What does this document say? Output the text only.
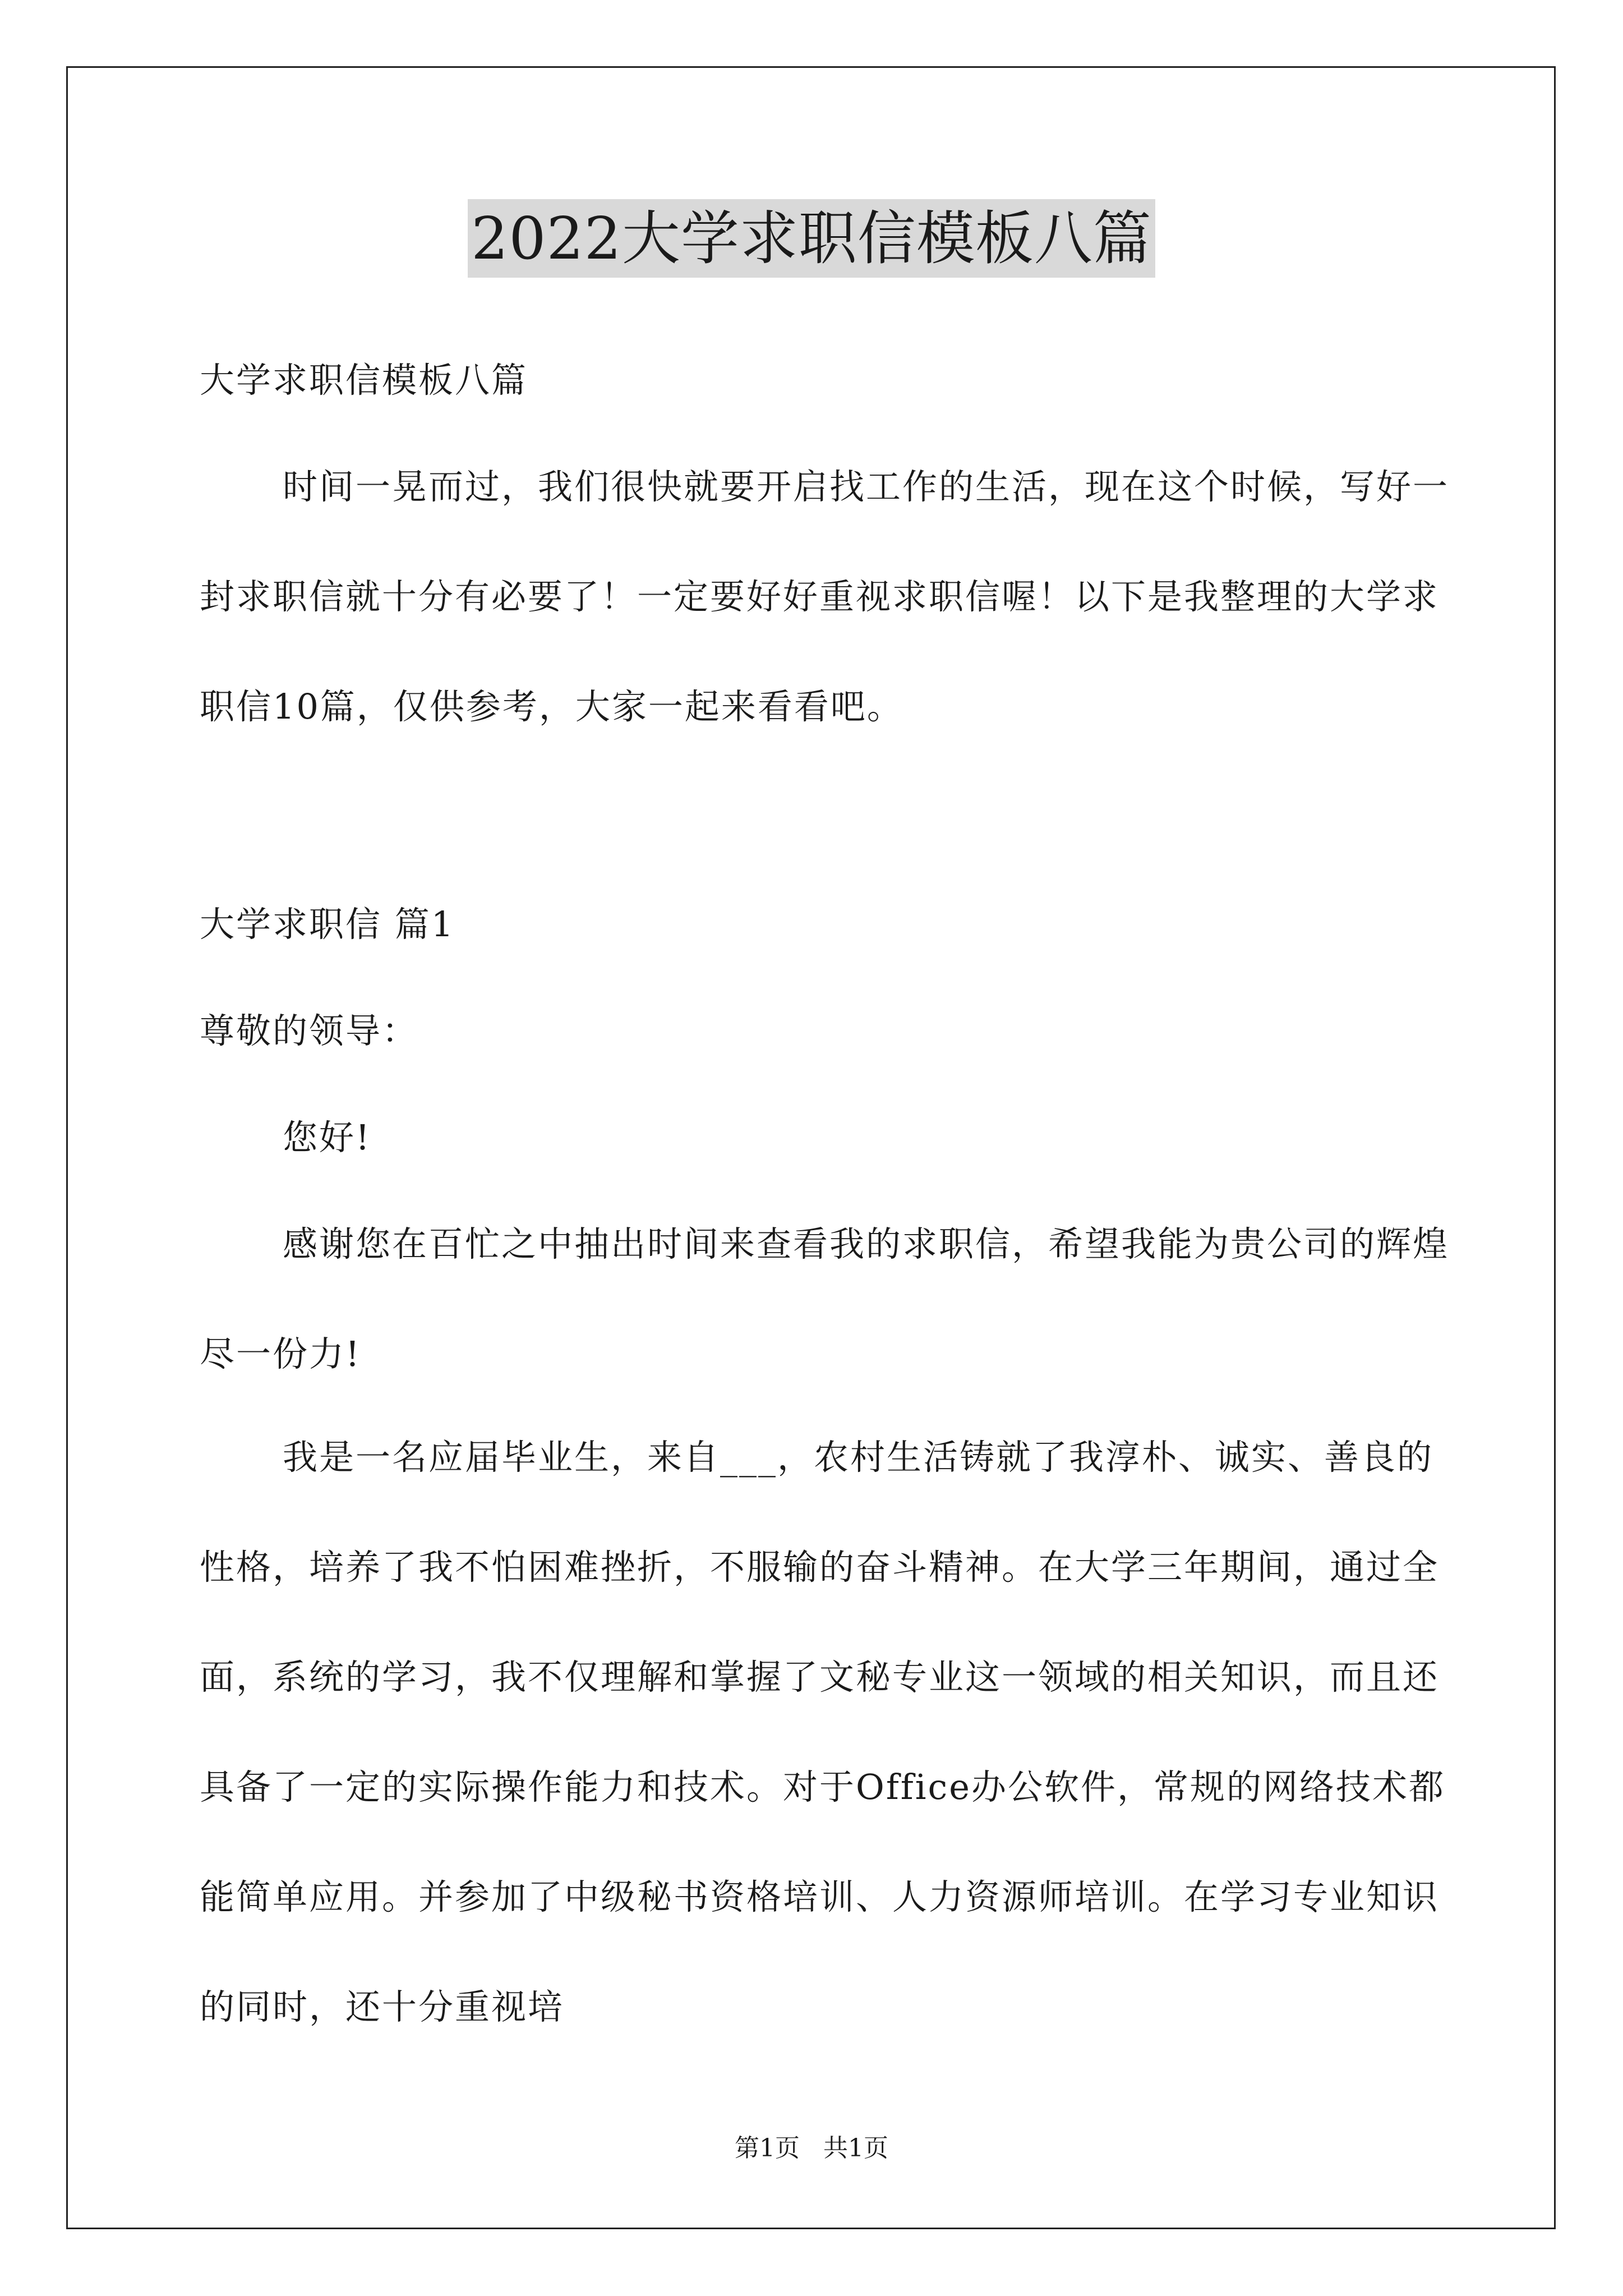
2022大学求职信模板八篇

大学求职信模板八篇

时间一晃而过，我们很快就要开启找工作的生活，现在这个时候，写好一封求职信就十分有必要了！一定要好好重视求职信喔！以下是我整理的大学求职信10篇，仅供参考，大家一起来看看吧。

大学求职信 篇1

尊敬的领导：

您好!

感谢您在百忙之中抽出时间来查看我的求职信，希望我能为贵公司的辉煌尽一份力!

我是一名应届毕业生，来自___，农村生活铸就了我淳朴、诚实、善良的性格，培养了我不怕困难挫折，不服输的奋斗精神。在大学三年期间，通过全面，系统的学习，我不仅理解和掌握了文秘专业这一领域的相关知识，而且还具备了一定的实际操作能力和技术。对于Office办公软件，常规的网络技术都能简单应用。并参加了中级秘书资格培训、人力资源师培训。在学习专业知识的同时，还十分重视培

第1页 共1页
